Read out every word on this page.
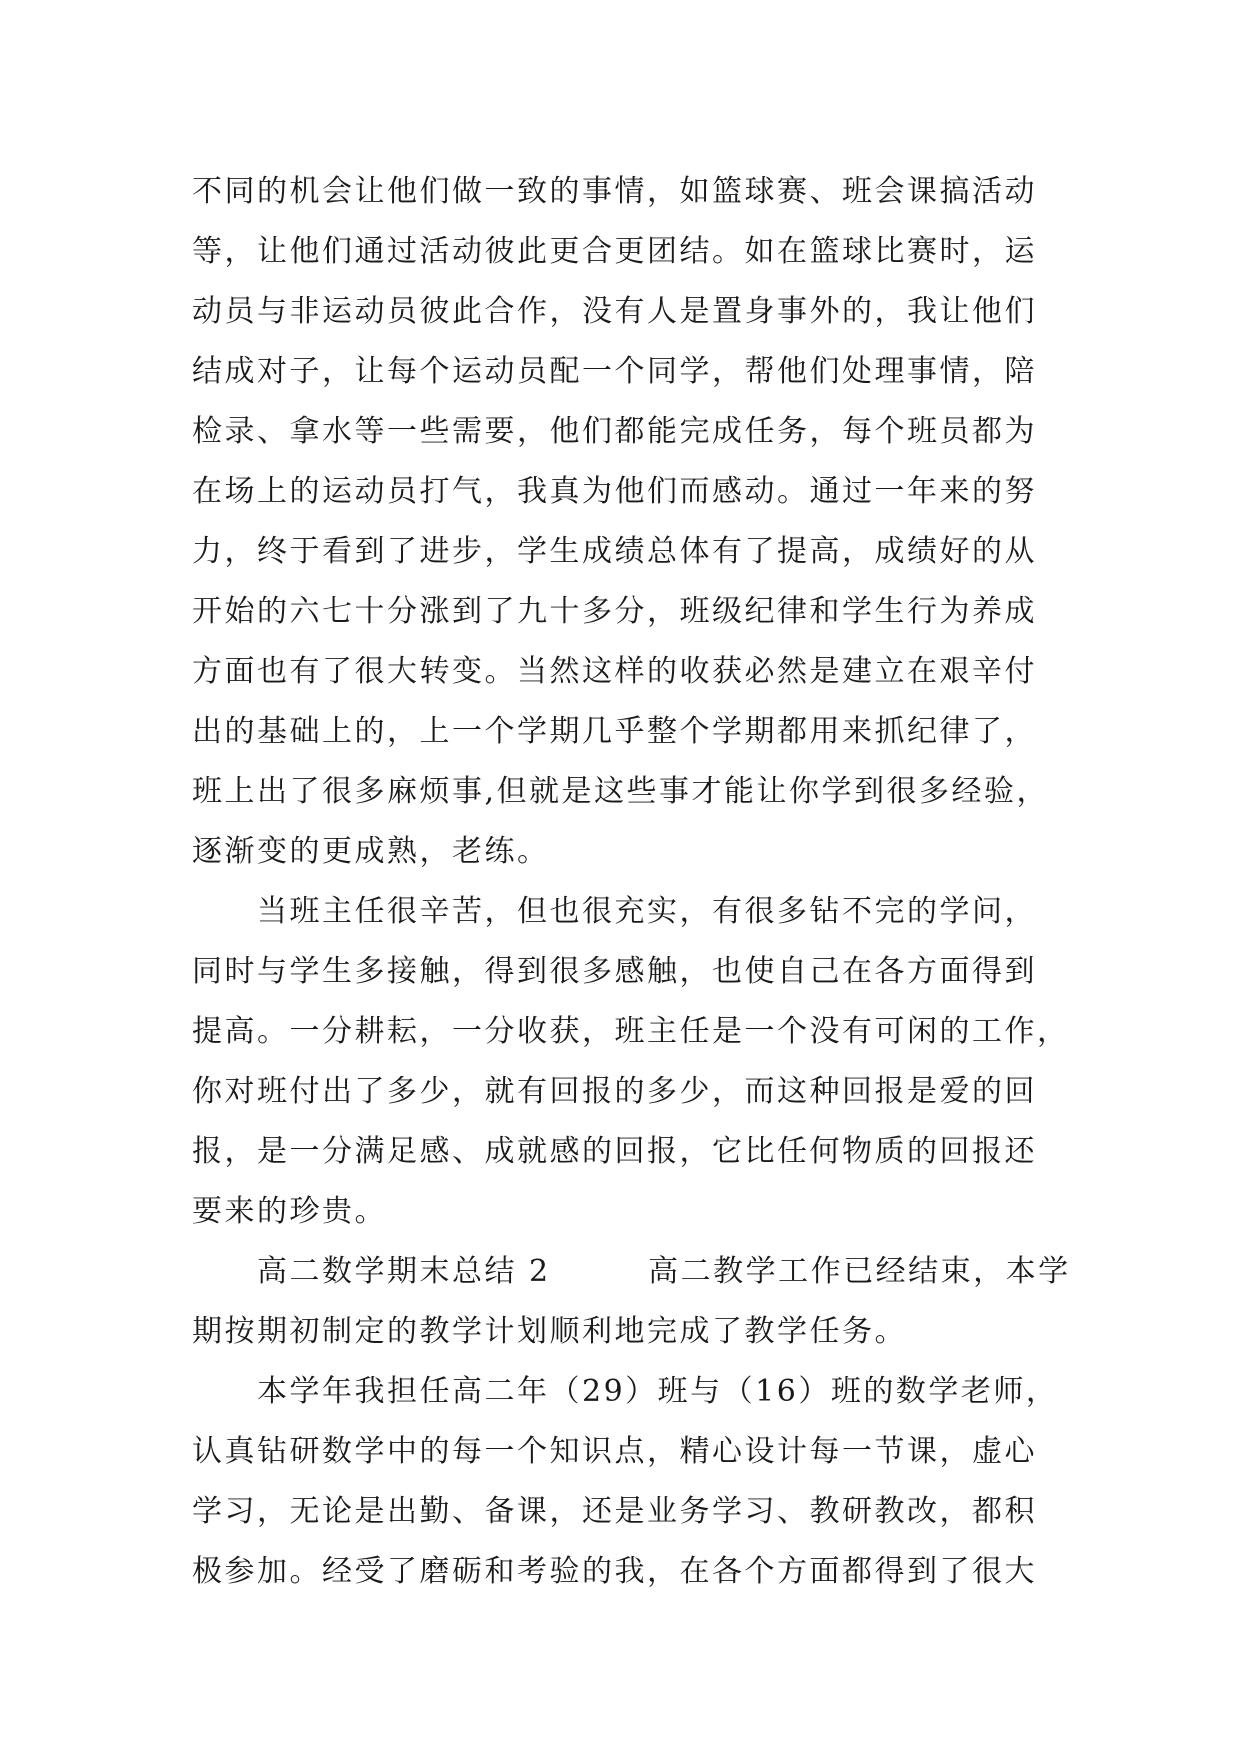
不同的机会让他们做一致的事情，如篮球赛、班会课搞活动
等，让他们通过活动彼此更合更团结。如在篮球比赛时，运
动员与非运动员彼此合作，没有人是置身事外的，我让他们
结成对子，让每个运动员配一个同学，帮他们处理事情，陪
检录、拿水等一些需要，他们都能完成任务，每个班员都为
在场上的运动员打气，我真为他们而感动。通过一年来的努
力，终于看到了进步，学生成绩总体有了提高，成绩好的从
开始的六七十分涨到了九十多分，班级纪律和学生行为养成
方面也有了很大转变。当然这样的收获必然是建立在艰辛付
出的基础上的，上一个学期几乎整个学期都用来抓纪律了，
班上出了很多麻烦事,但就是这些事才能让你学到很多经验，
逐渐变的更成熟，老练。
　　当班主任很辛苦，但也很充实，有很多钻不完的学问，
同时与学生多接触，得到很多感触，也使自己在各方面得到
提高。一分耕耘，一分收获，班主任是一个没有可闲的工作，
你对班付出了多少，就有回报的多少，而这种回报是爱的回
报，是一分满足感、成就感的回报，它比任何物质的回报还
要来的珍贵。
　　高二数学期末总结 2　　　高二教学工作已经结束，本学
期按期初制定的教学计划顺利地完成了教学任务。
　　本学年我担任高二年（29）班与（16）班的数学老师，
认真钻研数学中的每一个知识点，精心设计每一节课，虚心
学习，无论是出勤、备课，还是业务学习、教研教改，都积
极参加。经受了磨砺和考验的我，在各个方面都得到了很大
